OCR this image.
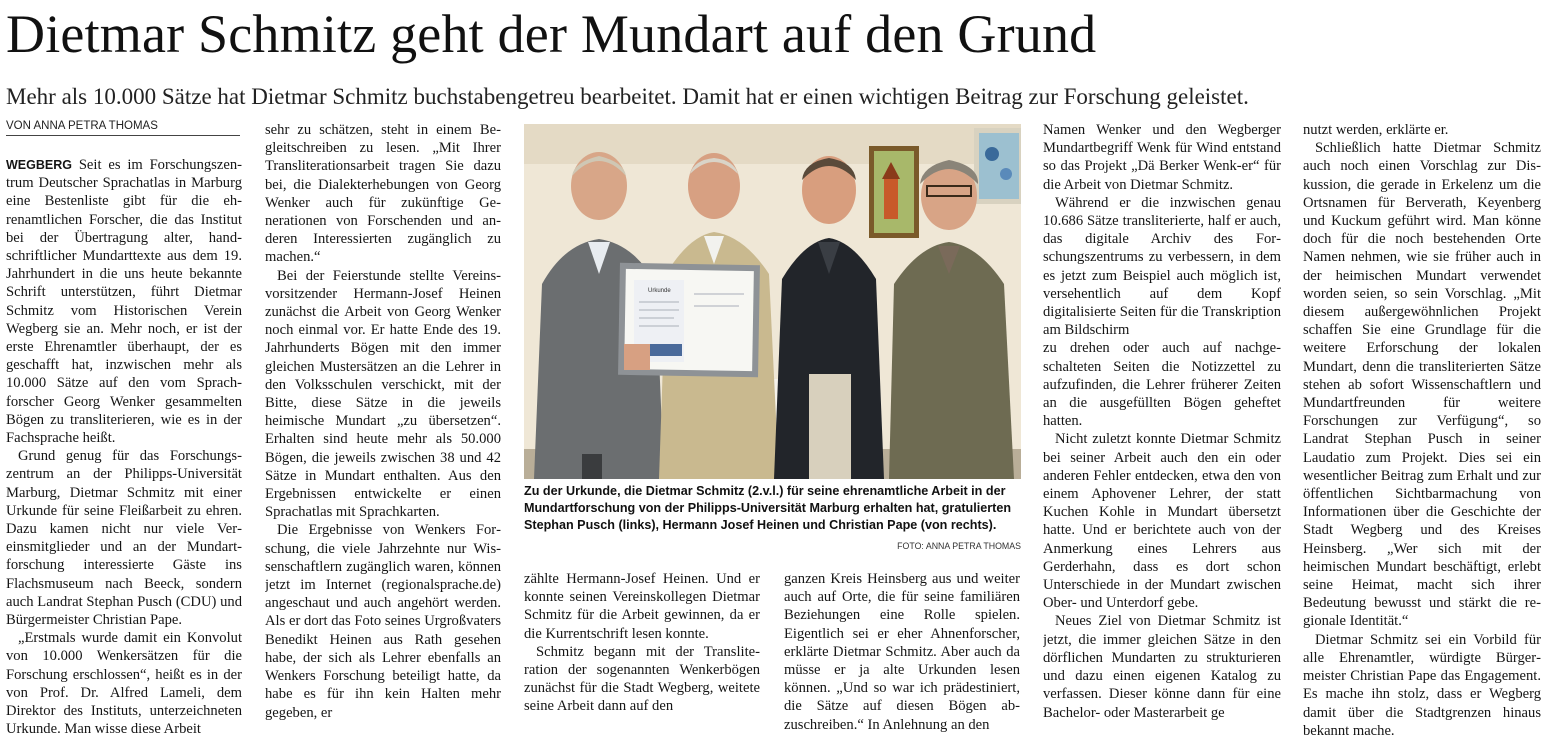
Dietmar Schmitz geht der Mundart auf den Grund
Mehr als 10.000 Sätze hat Dietmar Schmitz buchstabengetreu bearbeitet. Damit hat er einen wichtigen Beitrag zur Forschung geleistet.
VON ANNA PETRA THOMAS

WEGBERG Seit es im Forschungszentrum Deutscher Sprachatlas in Marburg eine Bestenliste gibt für die ehrenamtlichen Forscher, die das Institut bei der Übertragung alter, handschriftlicher Mundarttexte aus dem 19. Jahrhundert in die uns heute bekannte Schrift unterstützen, führt Dietmar Schmitz vom Historischen Verein Wegberg sie an. Mehr noch, er ist der erste Ehrenamtler überhaupt, der es geschafft hat, inzwischen mehr als 10.000 Sätze auf den vom Sprachforscher Georg Wenker gesammelten Bögen zu transliterieren, wie es in der Fachsprache heißt.

Grund genug für das Forschungszentrum an der Philipps-Universität Marburg, Dietmar Schmitz mit einer Urkunde für seine Fleißarbeit zu ehren. Dazu kamen nicht nur viele Vereinsmitglieder und an der Mundartforschung interessierte Gäste ins Flachsmuseum nach Beeck, sondern auch Landrat Stephan Pusch (CDU) und Bürgermeister Christian Pape.

„Erstmals wurde damit ein Konvolut von 10.000 Wenkersätzen für die Forschung erschlossen“, heißt es in der von Prof. Dr. Alfred Lameli, dem Direktor des Instituts, unterzeichneten Urkunde. Man wisse diese Arbeit

sehr zu schätzen, steht in einem Begleitschreiben zu lesen. „Mit Ihrer Transliterationsarbeit tragen Sie dazu bei, die Dialekterhebungen von Georg Wenker auch für zukünftige Generationen von Forschenden und anderen Interessierten zugänglich zu machen.“

Bei der Feierstunde stellte Vereinsvorsitzender Hermann-Josef Heinen zunächst die Arbeit von Georg Wenker noch einmal vor. Er hatte Ende des 19. Jahrhunderts Bögen mit den immer gleichen Mustersätzen an die Lehrer in den Volksschulen verschickt, mit der Bitte, diese Sätze in die jeweils heimische Mundart „zu übersetzen“. Erhalten sind heute mehr als 50.000 Bögen, die jeweils zwischen 38 und 42 Sätze in Mundart enthalten. Aus den Ergebnissen entwickelte er einen Sprachatlas mit Sprachkarten.

Die Ergebnisse von Wenkers Forschung, die viele Jahrzehnte nur Wissenschaftlern zugänglich waren, können jetzt im Internet (regionalsprache.de) angeschaut und auch angehört werden. Als er dort das Foto seines Urgroßvaters Benedikt Heinen aus Rath gesehen habe, der sich als Lehrer ebenfalls an Wenkers Forschung beteiligt hatte, da habe es für ihn kein Halten mehr gegeben, er

Urkunde
Zu der Urkunde, die Dietmar Schmitz (2.v.l.) für seine ehrenamtliche Arbeit in der Mundartforschung von der Philipps-Universität Marburg erhalten hat, gratulierten Stephan Pusch (links), Hermann Josef Heinen und Christian Pape (von rechts).
FOTO: ANNA PETRA THOMAS

zählte Hermann-Josef Heinen. Und er konnte seinen Vereinskollegen Dietmar Schmitz für die Arbeit gewinnen, da er die Kurrentschrift lesen konnte.

Schmitz begann mit der Transliteration der sogenannten Wenkerbögen zunächst für die Stadt Wegberg, weitete seine Arbeit dann auf den

ganzen Kreis Heinsberg aus und weiter auch auf Orte, die für seine familiären Beziehungen eine Rolle spielen. Eigentlich sei er eher Ahnenforscher, erklärte Dietmar Schmitz. Aber auch da müsse er ja alte Urkunden lesen können. „Und so war ich prädestiniert, die Sätze auf diesen Bögen abzuschreiben.“ In Anlehnung an den

Namen Wenker und den Wegberger Mundartbegriff Wenk für Wind entstand so das Projekt „Dä Berker Wenk-er“ für die Arbeit von Dietmar Schmitz.

Während er die inzwischen genau 10.686 Sätze transliterierte, half er auch, das digitale Archiv des Forschungszentrums zu verbessern, in dem es jetzt zum Beispiel auch möglich ist, versehentlich auf dem Kopf digitalisierte Seiten für die Transkription am Bildschirm

zu drehen oder auch auf nachgeschalteten Seiten die Notizzettel zu aufzufinden, die Lehrer früherer Zeiten an die ausgefüllten Bögen geheftet hatten.

Nicht zuletzt konnte Dietmar Schmitz bei seiner Arbeit auch den ein oder anderen Fehler entdecken, etwa den von einem Aphovener Lehrer, der statt Kuchen Kohle in Mundart übersetzt hatte. Und er berichtete auch von der Anmerkung eines Lehrers aus Gerderhahn, dass es dort schon Unterschiede in der Mundart zwischen Ober- und Unterdorf gebe.

Neues Ziel von Dietmar Schmitz ist jetzt, die immer gleichen Sätze in den dörflichen Mundarten zu strukturieren und dazu einen eigenen Katalog zu verfassen. Dieser könne dann für eine Bachelor- oder Masterarbeit ge

nutzt werden, erklärte er.

Schließlich hatte Dietmar Schmitz auch noch einen Vorschlag zur Diskussion, die gerade in Erkelenz um die Ortsnamen für Berverath, Keyenberg und Kuckum geführt wird. Man könne doch für die noch bestehenden Orte Namen nehmen, wie sie früher auch in der heimischen Mundart verwendet worden seien, so sein Vorschlag. „Mit diesem außergewöhnlichen Projekt schaffen Sie eine Grundlage für die weitere Erforschung der lokalen Mundart, denn die transliterierten Sätze stehen ab sofort Wissenschaftlern und Mundartfreunden für weitere Forschungen zur Verfügung“, so Landrat Stephan Pusch in seiner Laudatio zum Projekt. Dies sei ein wesentlicher Beitrag zum Erhalt und zur öffentlichen Sichtbarmachung von Informationen über die Geschichte der Stadt Wegberg und des Kreises Heinsberg. „Wer sich mit der heimischen Mundart beschäftigt, erlebt seine Heimat, macht sich ihrer Bedeutung bewusst und stärkt die regionale Identität.“

Dietmar Schmitz sei ein Vorbild für alle Ehrenamtler, würdigte Bürgermeister Christian Pape das Engagement. Es mache ihn stolz, dass er Wegberg damit über die Stadtgrenzen hinaus bekannt mache.
